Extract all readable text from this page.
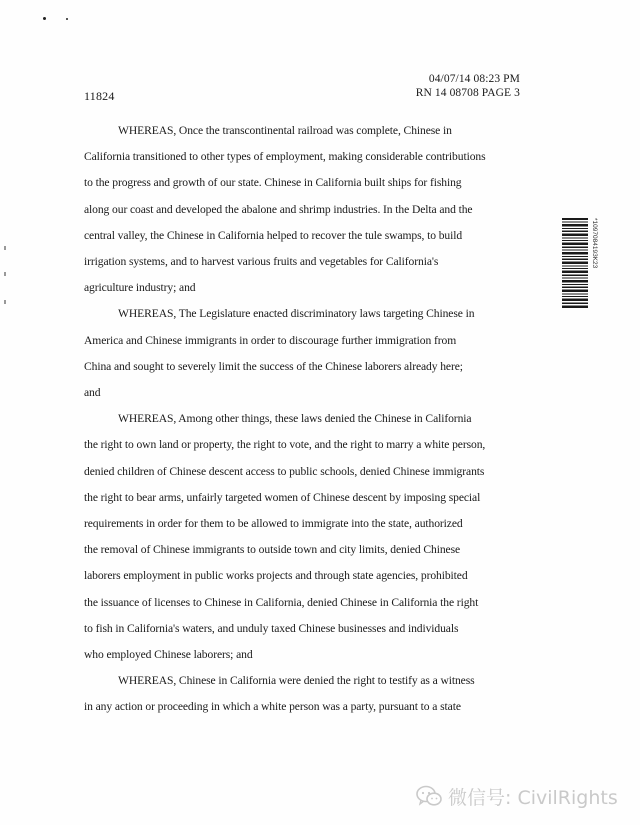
11824
04/07/14 08:23 PM
RN 14 08708 PAGE 3

WHEREAS, Once the transcontinental railroad was complete, Chinese in
California transitioned to other types of employment, making considerable contributions
to the progress and growth of our state. Chinese in California built ships for fishing
along our coast and developed the abalone and shrimp industries. In the Delta and the
central valley, the Chinese in California helped to recover the tule swamps, to build
irrigation systems, and to harvest various fruits and vegetables for California's
agriculture industry; and

WHEREAS, The Legislature enacted discriminatory laws targeting Chinese in
America and Chinese immigrants in order to discourage further immigration from
China and sought to severely limit the success of the Chinese laborers already here;
and

WHEREAS, Among other things, these laws denied the Chinese in California
the right to own land or property, the right to vote, and the right to marry a white person,
denied children of Chinese descent access to public schools, denied Chinese immigrants
the right to bear arms, unfairly targeted women of Chinese descent by imposing special
requirements in order for them to be allowed to immigrate into the state, authorized
the removal of Chinese immigrants to outside town and city limits, denied Chinese
laborers employment in public works projects and through state agencies, prohibited
the issuance of licenses to Chinese in California, denied Chinese in California the right
to fish in California's waters, and unduly taxed Chinese businesses and individuals
who employed Chinese laborers; and

WHEREAS, Chinese in California were denied the right to testify as a witness
in any action or proceeding in which a white person was a party, pursuant to a state

*1097084193K23
微信号: CivilRights
